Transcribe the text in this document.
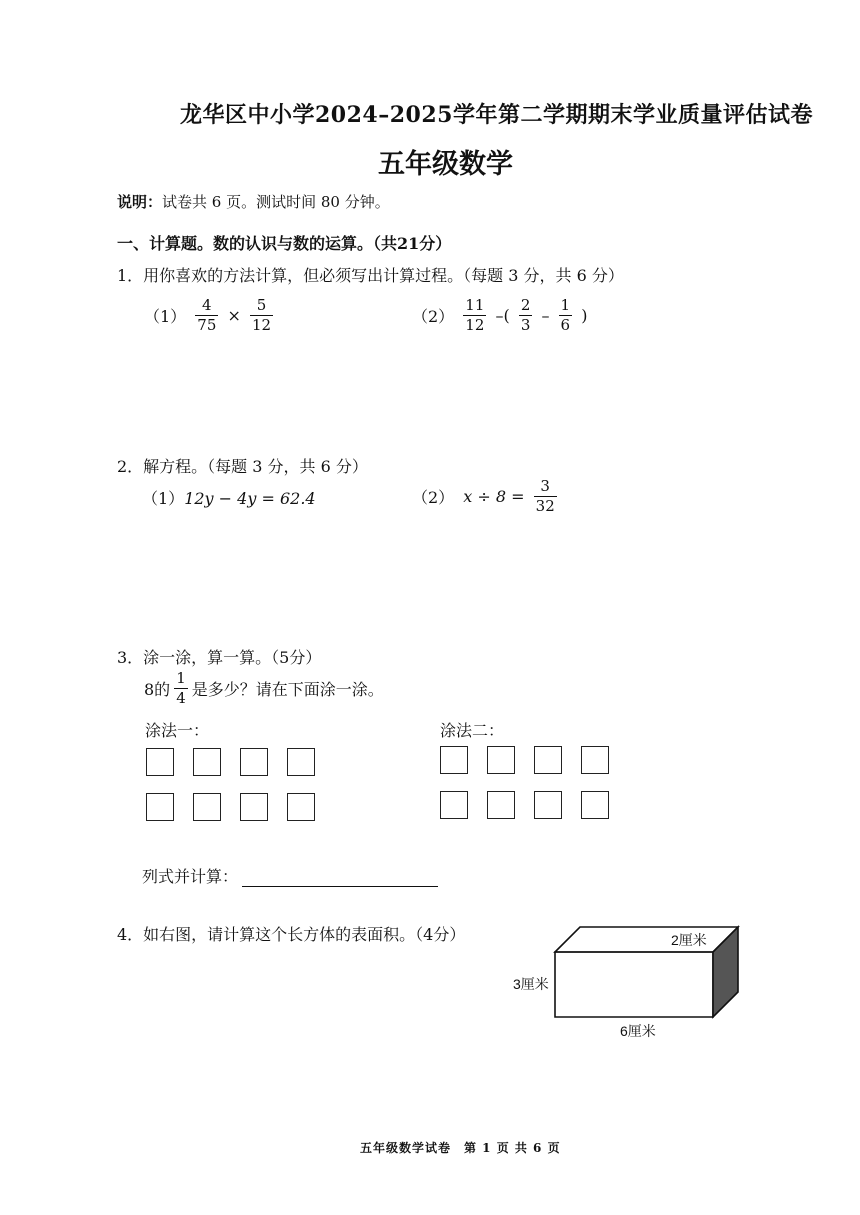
龙华区中小学2024–2025学年第二学期期末学业质量评估试卷
五年级数学
说明：试卷共 6 页。测试时间 80 分钟。
一、计算题。数的认识与数的运算。（共21分）
1．用你喜欢的方法计算，但必须写出计算过程。（每题 3 分，共 6 分）
$(1) \frac{4}{75} \times \frac{5}{12}$	$(2) \frac{11}{12}$ –( $\frac{2}{3} - \frac{1}{6}$ )
2．解方程。（每题 3 分，共 6 分）
（1）12y − 4y = 62.4	（2） $x \div 8 = \frac{3}{32}$
3．涂一涂，算一算。（5分）
8的 $\frac{1}{4}$ 是多少？请在下面涂一涂。
涂法一：	涂法二：
列式并计算：
4．如右图，请计算这个长方体的表面积。（4分）	2厘米
3厘米
6厘米
五年级数学试卷　第 1 页 共 6 页
